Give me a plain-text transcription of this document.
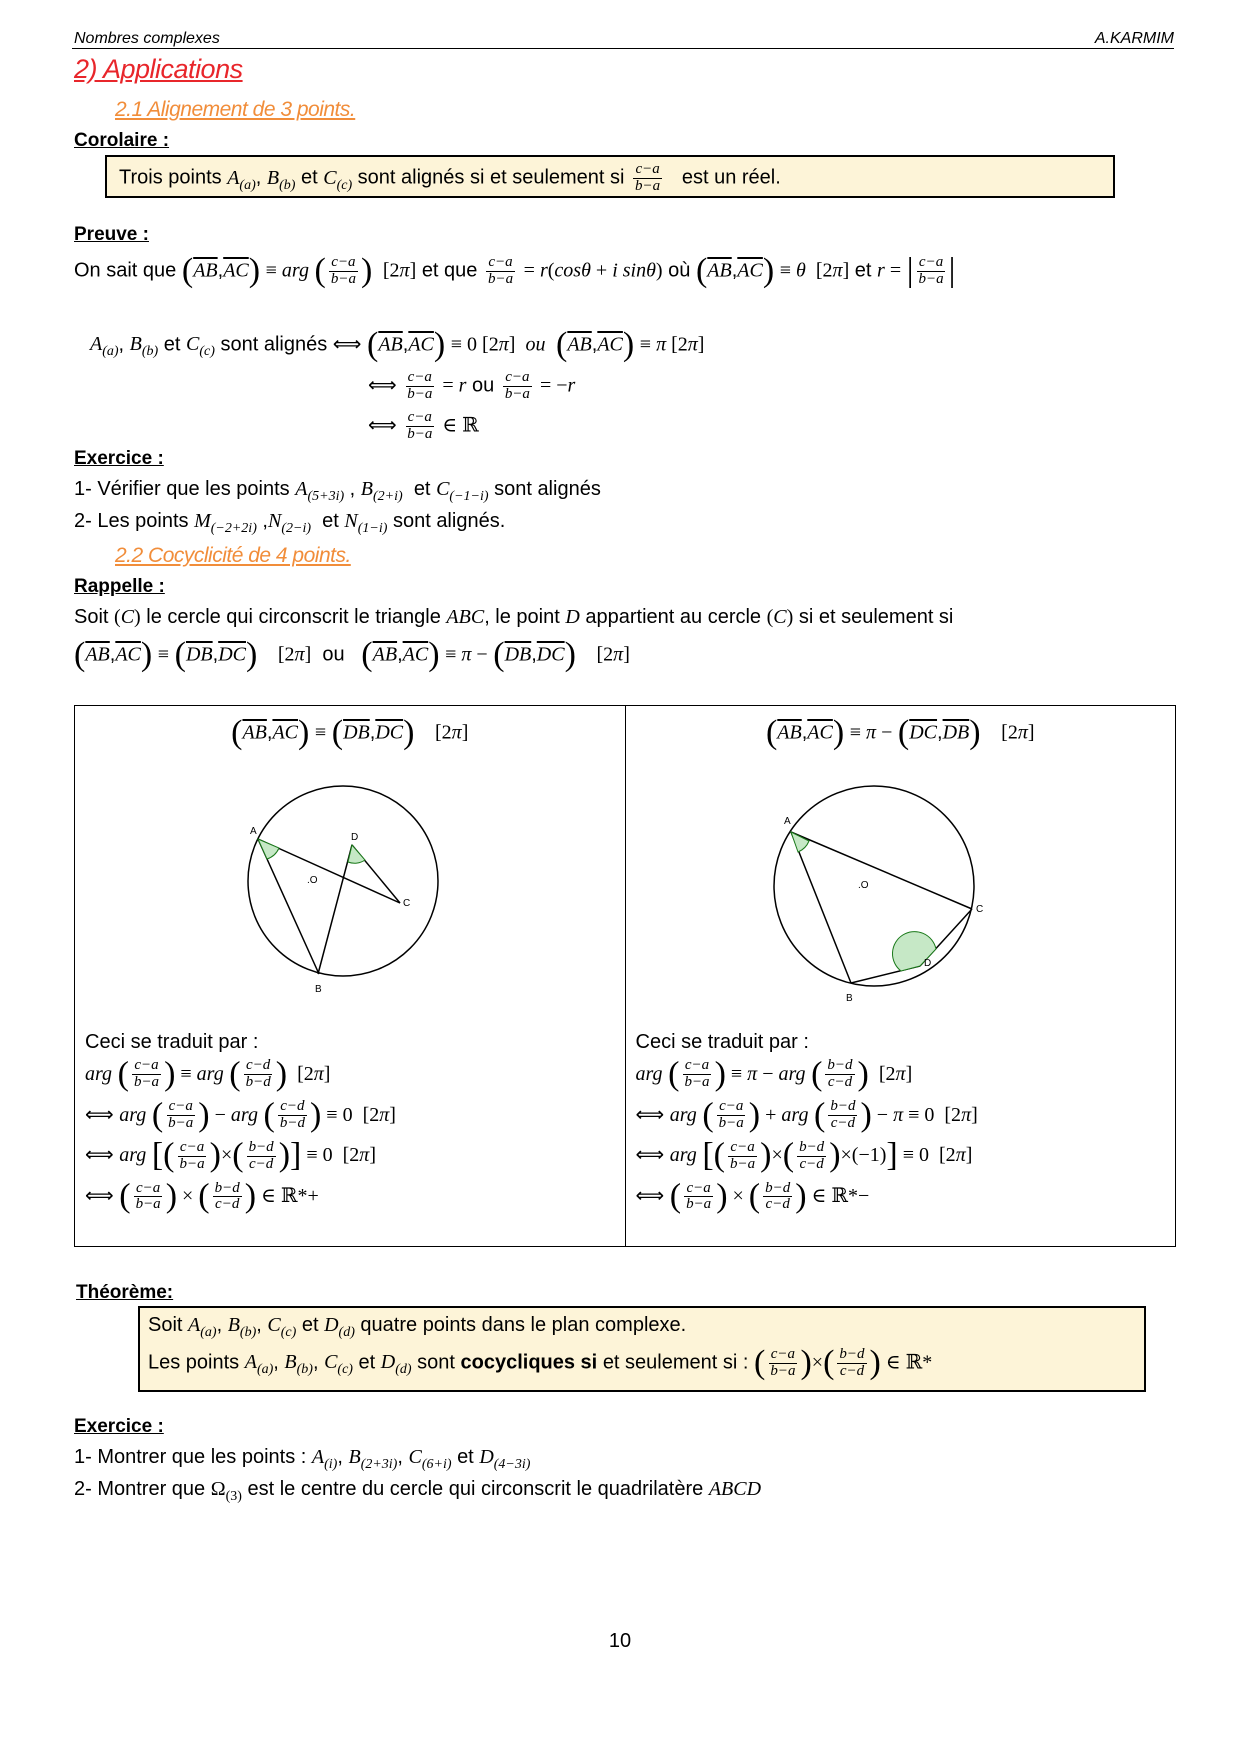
Nombres complexes	A.KARMIM
2) Applications
2.1 Alignement de 3 points.
Corolaire :
Trois points $A_{(a)}$, $B_{(b)}$ et $C_{(c)}$ sont alignés si et seulement si $\frac{c-a}{b-a}$ est un réel.
Preuve :
On sait que $(\overline{AB},\overline{AC})$ ≡ arg ( $\frac{c-a}{b-a}$ )  [2π] et que $\frac{c-a}{b-a} = r(\cos\theta + i$ sinθ) où $(\overline{AB},\overline{AC}) \equiv \theta$  [2π] et r = | $\frac{c-a}{b-a}$ |
$A_{(a)}$, $B_{(b)}$ et $C_{(c)}$ sont alignés ⟺ $(\overline{AB},\overline{AC}) \equiv 0$ [2π]  ou $(\overline{AB},\overline{AC}) \equiv \pi$ [2π]
⟺ $\frac{c-a}{b-a} = r$ ou $\frac{c-a}{b-a} = -r$
⟺ $\frac{c-a}{b-a}$ ∈ ℝ
Exercice :
1- Vérifier que les points $A_{(5+3i)}$ , $B_{(2+i)}$ et $C_{(-1-i)}$ sont alignés
2- Les points $M_{(-2+2i)}$ $,N_{(2-i)}$ et $N_{(1-i)}$ sont alignés.
2.2 Cocyclicité de 4 points.
Rappelle :
Soit (C) le cercle qui circonscrit le triangle ABC, le point D appartient au cercle (C) si et seulement si
$(\overline{AB},\overline{AC}) \equiv (\overline{DB},\overline{DC})$    [2π] ou $(\overline{AB},\overline{AC}) \equiv \pi - (\overline{DB},\overline{DC})$    [2π]
$(\overline{AB},\overline{AC}) \equiv (\overline{DB},\overline{DC})$    [2π]
A
B
C
D
.O
Ceci se traduit par :
arg ( $\frac{c-a}{b-a}$ ) ≡ arg ( $\frac{c-d}{b-d}$ )  [2π]
⟺ arg ( $\frac{c-a}{b-a}$ ) − arg ( $\frac{c-d}{b-d}$ ) ≡ 0  [2π]
⟺ arg [( $\frac{c-a}{b-a}$ )×( $\frac{b-d}{c-d}$ )] ≡ 0  [2π]
⟺ ( $\frac{c-a}{b-a}$ ) × ( $\frac{b-d}{c-d}$ ) ∈ ℝ*+

$(\overline{AB},\overline{AC}) \equiv \pi - (\overline{DC},\overline{DB})$    [2π]
A
B
C
D
.O
Ceci se traduit par :
arg ( $\frac{c-a}{b-a}$ ) ≡ π − arg ( $\frac{b-d}{c-d}$ )  [2π]
⟺ arg ( $\frac{c-a}{b-a}$ ) + arg ( $\frac{b-d}{c-d}$ ) − π ≡ 0  [2π]
⟺ arg [( $\frac{c-a}{b-a}$ )×( $\frac{b-d}{c-d} )\times(-1)] \equiv 0$  [2π]
⟺ ( $\frac{c-a}{b-a}$ ) × ( $\frac{b-d}{c-d}$ ) ∈ ℝ*−
Théorème:
Soit $A_{(a)}$, $B_{(b)}$, $C_{(c)}$ et $D_{(d)}$ quatre points dans le plan complexe.
Les points $A_{(a)}$, $B_{(b)}$, $C_{(c)}$ et $D_{(d)}$ sont cocycliques si et seulement si : ( $\frac{c-a}{b-a}$ )×( $\frac{b-d}{c-d}$ ) ∈ ℝ*
Exercice :
1- Montrer que les points : $A_{(i)}$, $B_{(2+3i)}$, $C_{(6+i)}$ et $D_{(4-3i)}$
2- Montrer que $\Omega_{(3)}$ est le centre du cercle qui circonscrit le quadrilatère ABCD
10
